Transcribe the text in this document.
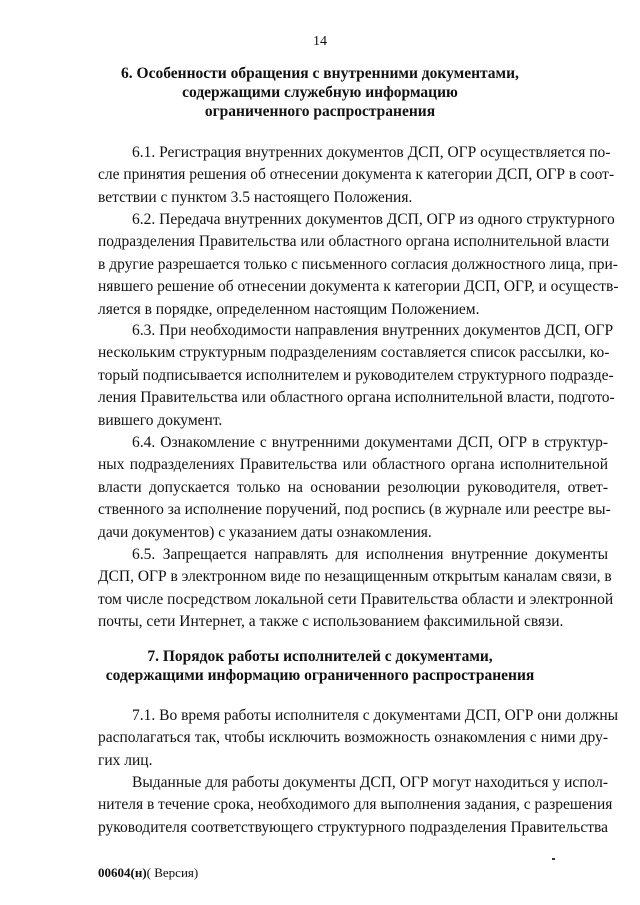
14
6. Особенности обращения с внутренними документами,
содержащими служебную информацию
ограниченного распространения
6.1. Регистрация внутренних документов ДСП, ОГР осуществляется по-
сле принятия решения об отнесении документа к категории ДСП, ОГР в соот-
ветствии с пунктом 3.5 настоящего Положения.
6.2. Передача внутренних документов ДСП, ОГР из одного структурного
подразделения Правительства или областного органа исполнительной власти
в другие разрешается только с письменного согласия должностного лица, при-
нявшего решение об отнесении документа к категории ДСП, ОГР, и осуществ-
ляется в порядке, определенном настоящим Положением.
6.3. При необходимости направления внутренних документов ДСП, ОГР
нескольким структурным подразделениям составляется список рассылки, ко-
торый подписывается исполнителем и руководителем структурного подразде-
ления Правительства или областного органа исполнительной власти, подгото-
вившего документ.
6.4. Ознакомление с внутренними документами ДСП, ОГР в структур-
ных подразделениях Правительства или областного органа исполнительной
власти допускается только на основании резолюции руководителя, ответ-
ственного за исполнение поручений, под роспись (в журнале или реестре вы-
дачи документов) с указанием даты ознакомления.
6.5. Запрещается направлять для исполнения внутренние документы
ДСП, ОГР в электронном виде по незащищенным открытым каналам связи, в
том числе посредством локальной сети Правительства области и электронной
почты, сети Интернет, а также с использованием факсимильной связи.
7. Порядок работы исполнителей с документами,
содержащими информацию ограниченного распространения
7.1. Во время работы исполнителя с документами ДСП, ОГР они должны
располагаться так, чтобы исключить возможность ознакомления с ними дру-
гих лиц.
Выданные для работы документы ДСП, ОГР могут находиться у испол-
нителя в течение срока, необходимого для выполнения задания, с разрешения
руководителя соответствующего структурного подразделения Правительства
00604(н)( Версия)
